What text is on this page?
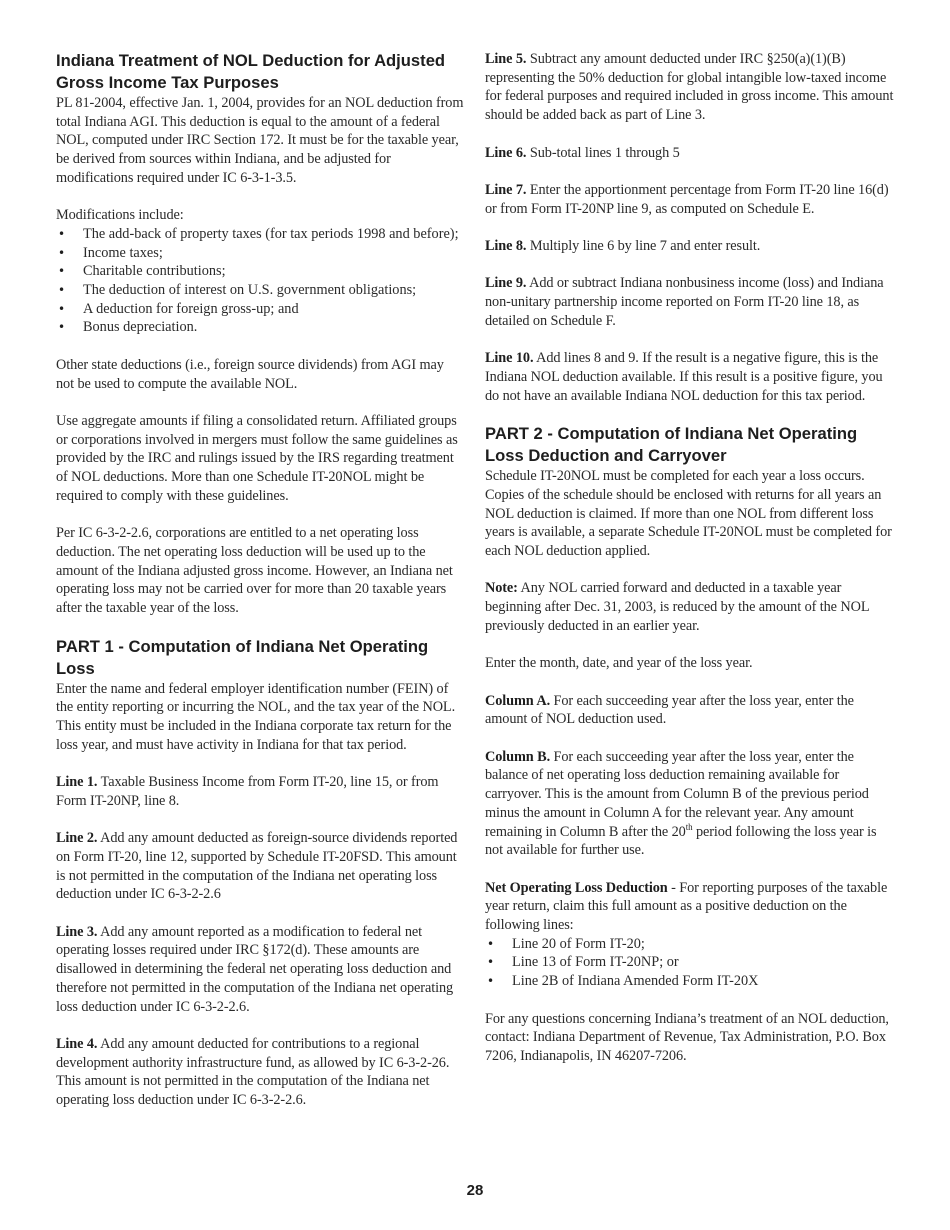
Indiana Treatment of NOL Deduction for Adjusted Gross Income Tax Purposes

PL 81-2004, effective Jan. 1, 2004, provides for an NOL deduction from total Indiana AGI. This deduction is equal to the amount of a federal NOL, computed under IRC Section 172. It must be for the taxable year, be derived from sources within Indiana, and be adjusted for modifications required under IC 6-3-1-3.5.

Modifications include:

• The add-back of property taxes (for tax periods 1998 and before);
• Income taxes;
• Charitable contributions;
• The deduction of interest on U.S. government obligations;
• A deduction for foreign gross-up; and
• Bonus depreciation.

Other state deductions (i.e., foreign source dividends) from AGI may not be used to compute the available NOL.

Use aggregate amounts if filing a consolidated return. Affiliated groups or corporations involved in mergers must follow the same guidelines as provided by the IRC and rulings issued by the IRS regarding treatment of NOL deductions. More than one Schedule IT-20NOL might be required to comply with these guidelines.

Per IC 6-3-2-2.6, corporations are entitled to a net operating loss deduction. The net operating loss deduction will be used up to the amount of the Indiana adjusted gross income. However, an Indiana net operating loss may not be carried over for more than 20 taxable years after the taxable year of the loss.

PART 1 - Computation of Indiana Net Operating Loss

Enter the name and federal employer identification number (FEIN) of the entity reporting or incurring the NOL, and the tax year of the NOL. This entity must be included in the Indiana corporate tax return for the loss year, and must have activity in Indiana for that tax period.

Line 1. Taxable Business Income from Form IT-20, line 15, or from Form IT-20NP, line 8.

Line 2. Add any amount deducted as foreign-source dividends reported on Form IT-20, line 12, supported by Schedule IT-20FSD. This amount is not permitted in the computation of the Indiana net operating loss deduction under IC 6-3-2-2.6

Line 3. Add any amount reported as a modification to federal net operating losses required under IRC §172(d). These amounts are disallowed in determining the federal net operating loss deduction and therefore not permitted in the computation of the Indiana net operating loss deduction under IC 6-3-2-2.6.

Line 4. Add any amount deducted for contributions to a regional development authority infrastructure fund, as allowed by IC 6-3-2-26. This amount is not permitted in the computation of the Indiana net operating loss deduction under IC 6-3-2-2.6.

Line 5. Subtract any amount deducted under IRC §250(a)(1)(B) representing the 50% deduction for global intangible low-taxed income for federal purposes and required included in gross income. This amount should be added back as part of Line 3.

Line 6. Sub-total lines 1 through 5

Line 7. Enter the apportionment percentage from Form IT-20 line 16(d) or from Form IT-20NP line 9, as computed on Schedule E.

Line 8. Multiply line 6 by line 7 and enter result.

Line 9. Add or subtract Indiana nonbusiness income (loss) and Indiana non-unitary partnership income reported on Form IT-20 line 18, as detailed on Schedule F.

Line 10. Add lines 8 and 9. If the result is a negative figure, this is the Indiana NOL deduction available. If this result is a positive figure, you do not have an available Indiana NOL deduction for this tax period.

PART 2 - Computation of Indiana Net Operating Loss Deduction and Carryover

Schedule IT-20NOL must be completed for each year a loss occurs. Copies of the schedule should be enclosed with returns for all years an NOL deduction is claimed. If more than one NOL from different loss years is available, a separate Schedule IT-20NOL must be completed for each NOL deduction applied.

Note: Any NOL carried forward and deducted in a taxable year beginning after Dec. 31, 2003, is reduced by the amount of the NOL previously deducted in an earlier year.

Enter the month, date, and year of the loss year.

Column A. For each succeeding year after the loss year, enter the amount of NOL deduction used.

Column B. For each succeeding year after the loss year, enter the balance of net operating loss deduction remaining available for carryover. This is the amount from Column B of the previous period minus the amount in Column A for the relevant year. Any amount remaining in Column B after the 20th period following the loss year is not available for further use.

Net Operating Loss Deduction - For reporting purposes of the taxable year return, claim this full amount as a positive deduction on the following lines:

• Line 20 of Form IT-20;
• Line 13 of Form IT-20NP; or
• Line 2B of Indiana Amended Form IT-20X

For any questions concerning Indiana’s treatment of an NOL deduction, contact: Indiana Department of Revenue, Tax Administration, P.O. Box 7206, Indianapolis, IN 46207-7206.

28
